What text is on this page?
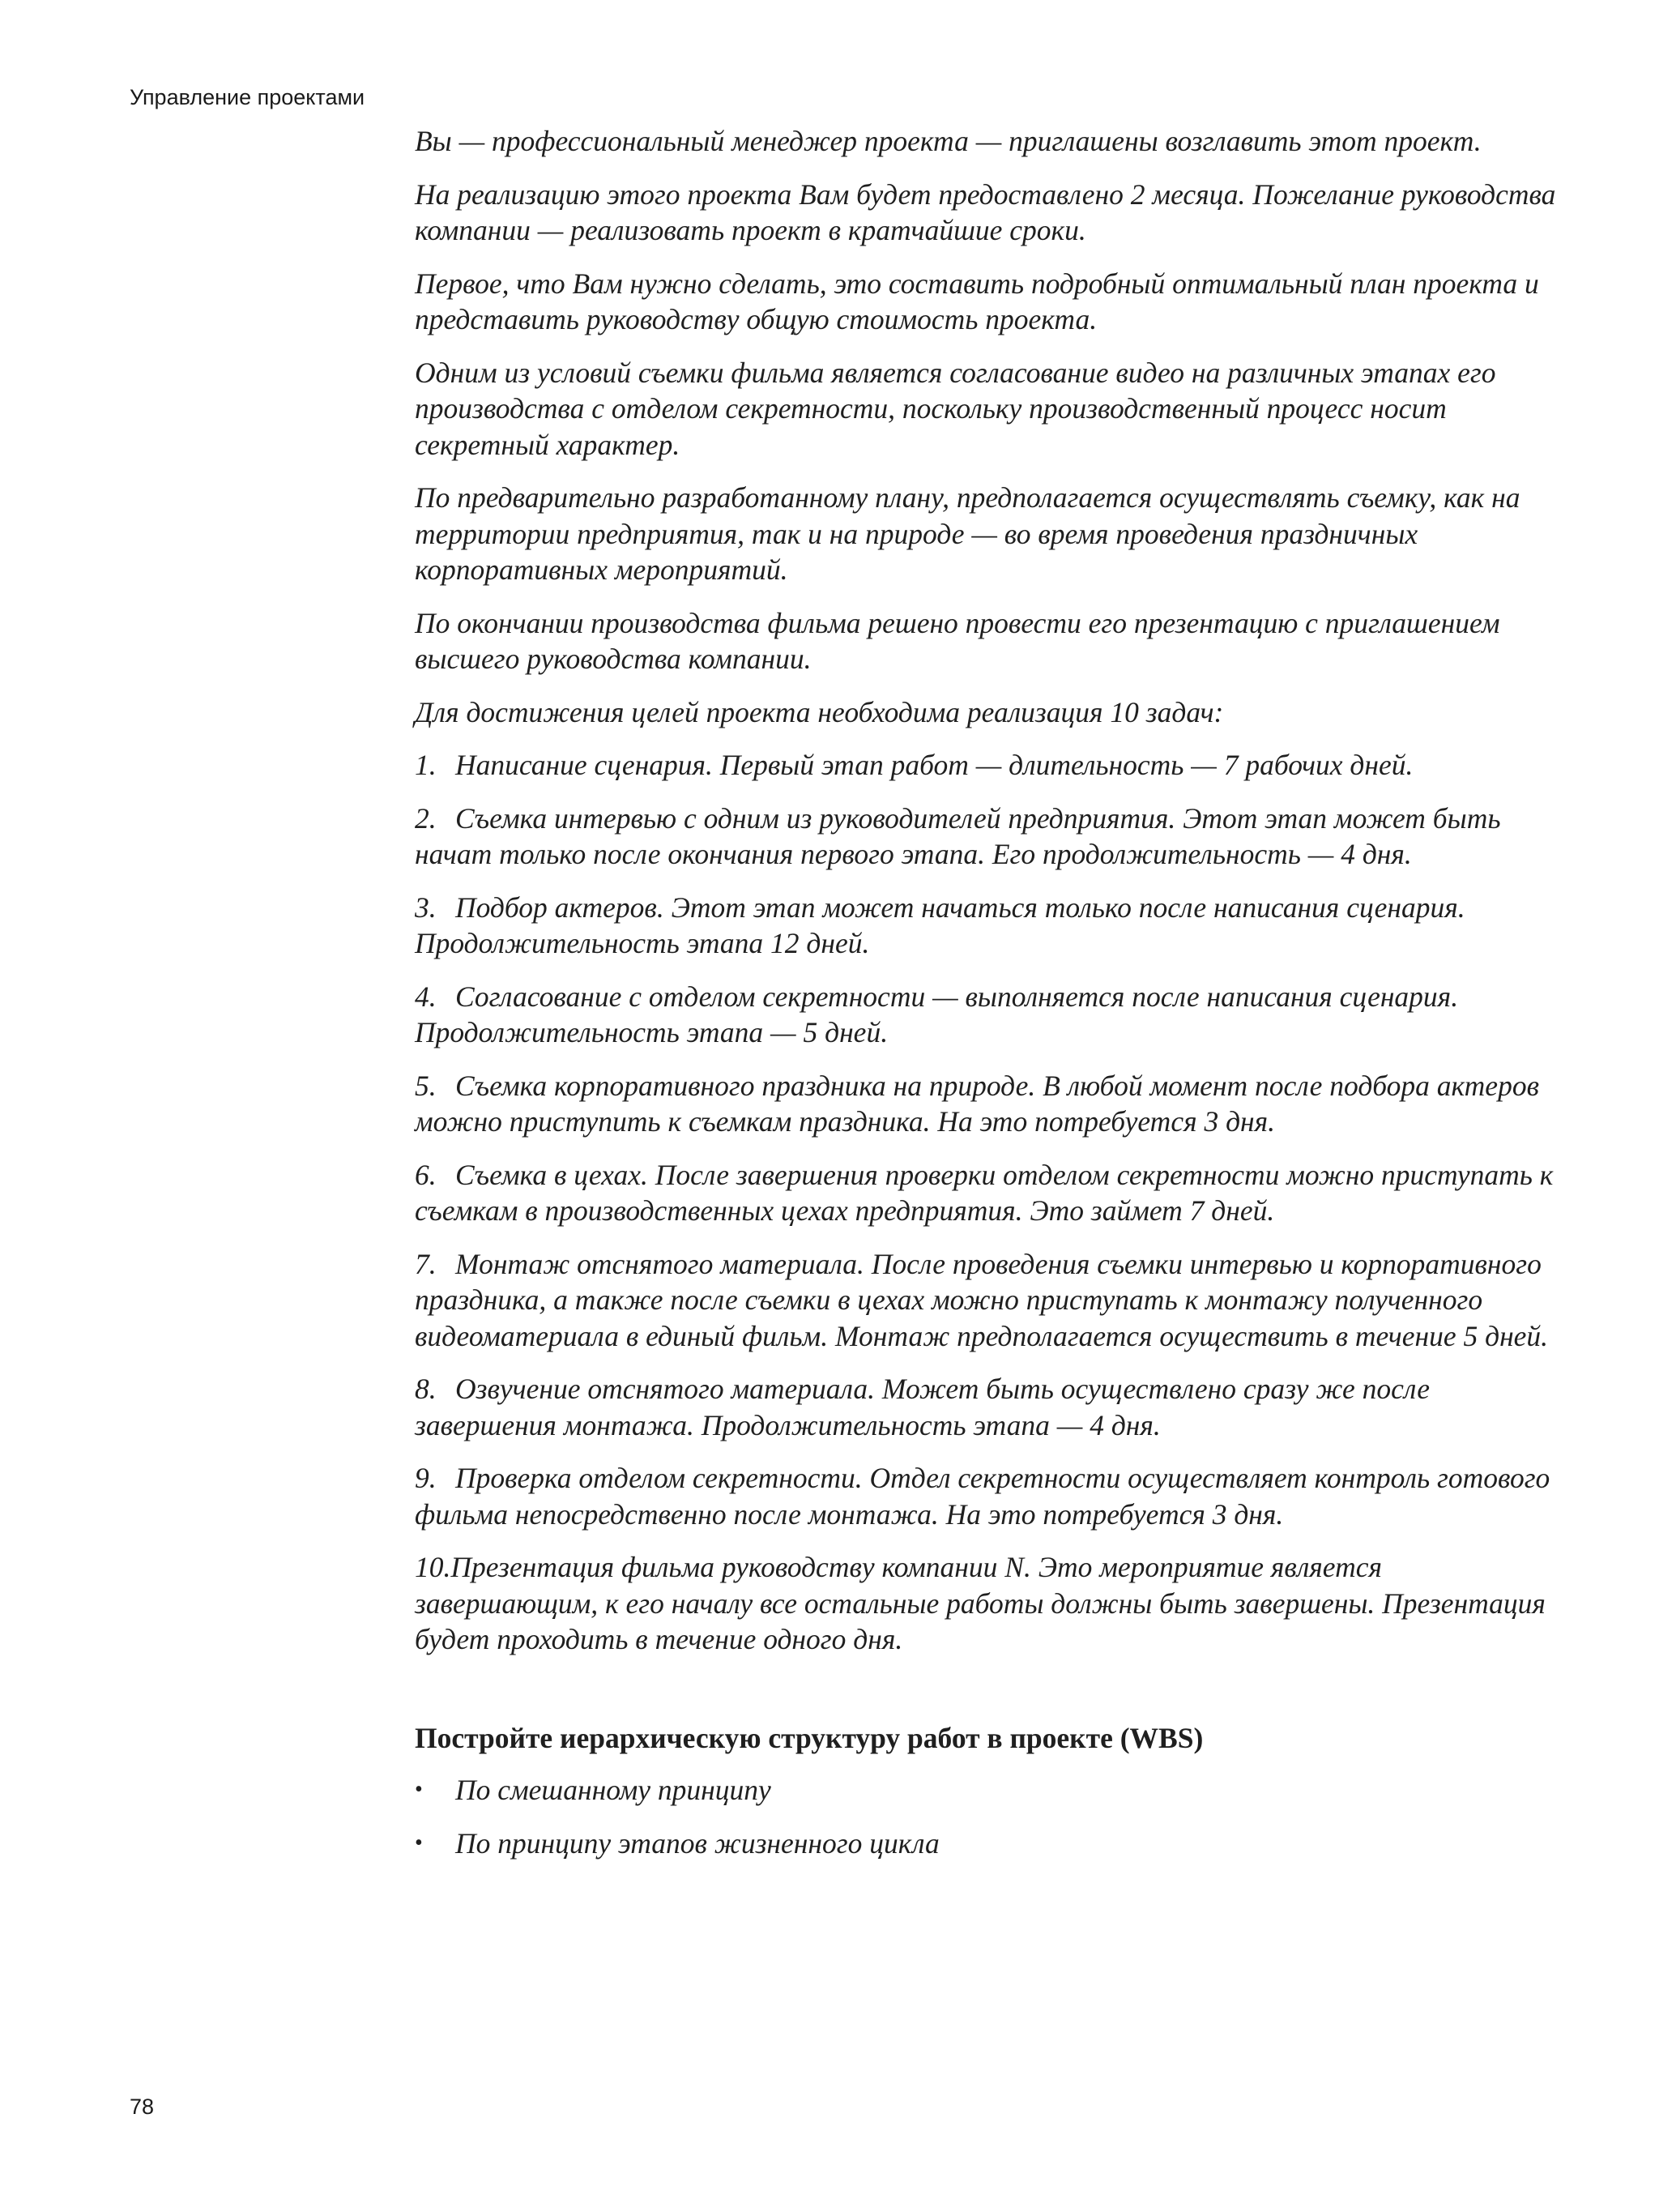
Управление проектами

Вы — профессиональный менеджер проекта — приглашены возглавить этот проект.

На реализацию этого проекта Вам будет предоставлено 2 месяца. Пожелание руководства компании — реализовать проект в кратчайшие сроки.

Первое, что Вам нужно сделать, это составить подробный оптимальный план проекта и представить руководству общую стоимость проекта.

Одним из условий съемки фильма является согласование видео на различных этапах его производства с отделом секретности, поскольку производственный процесс носит секретный характер.

По предварительно разработанному плану, предполагается осуществлять съемку, как на территории предприятия, так и на природе — во время проведения праздничных корпоративных мероприятий.

По окончании производства фильма решено провести его презентацию с приглашением высшего руководства компании.

Для достижения целей проекта необходима реализация 10 задач:

1. Написание сценария. Первый этап работ — длительность — 7 рабочих дней.

2. Съемка интервью с одним из руководителей предприятия. Этот этап может быть начат только после окончания первого этапа. Его продолжительность — 4 дня.

3. Подбор актеров. Этот этап может начаться только после написания сценария. Продолжительность этапа 12 дней.

4. Согласование с отделом секретности — выполняется после написания сценария. Продолжительность этапа — 5 дней.

5. Съемка корпоративного праздника на природе. В любой момент после подбора актеров можно приступить к съемкам праздника. На это потребуется 3 дня.

6. Съемка в цехах. После завершения проверки отделом секретности можно приступать к съемкам в производственных цехах предприятия. Это займет 7 дней.

7. Монтаж отснятого материала. После проведения съемки интервью и корпоративного праздника, а также после съемки в цехах можно приступать к монтажу полученного видеоматериала в единый фильм. Монтаж предполагается осуществить в течение 5 дней.

8. Озвучение отснятого материала. Может быть осуществлено сразу же после завершения монтажа. Продолжительность этапа — 4 дня.

9. Проверка отделом секретности. Отдел секретности осуществляет контроль готового фильма непосредственно после монтажа. На это потребуется 3 дня.

10.Презентация фильма руководству компании N. Это мероприятие является завершающим, к его началу все остальные работы должны быть завершены. Презентация будет проходить в течение одного дня.

Постройте иерархическую структуру работ в проекте (WBS)

• По смешанному принципу

• По принципу этапов жизненного цикла

78
